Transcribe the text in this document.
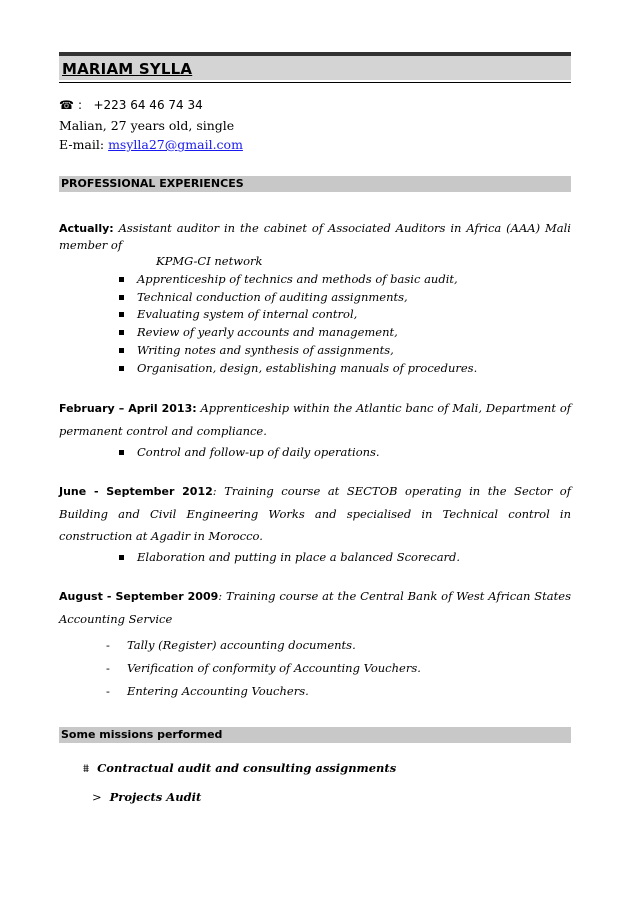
MARIAM SYLLA
☎ : +223 64 46 74 34
Malian, 27 years old, single
E-mail: msylla27@gmail.com
PROFESSIONAL EXPERIENCES
Actually: Assistant auditor in the cabinet of Associated Auditors in Africa (AAA) Mali member of
KPMG-CI network
Apprenticeship of technics and methods of basic audit,
Technical conduction of auditing assignments,
Evaluating system of internal control,
Review of yearly accounts and management,
Writing notes and synthesis of assignments,
Organisation, design, establishing manuals of procedures.
February – April 2013: Apprenticeship within the Atlantic banc of Mali, Department of permanent control and compliance.
Control and follow-up of daily operations.
June - September 2012: Training course at SECTOB operating in the Sector of Building and Civil Engineering Works and specialised in Technical control in construction at Agadir in Morocco.
Elaboration and putting in place a balanced Scorecard.
August - September 2009: Training course at the Central Bank of West African States Accounting Service
- Tally (Register) accounting documents.
- Verification of conformity of Accounting Vouchers.
- Entering Accounting Vouchers.
Some missions performed
⩩ Contractual audit and consulting assignments
> Projects Audit
